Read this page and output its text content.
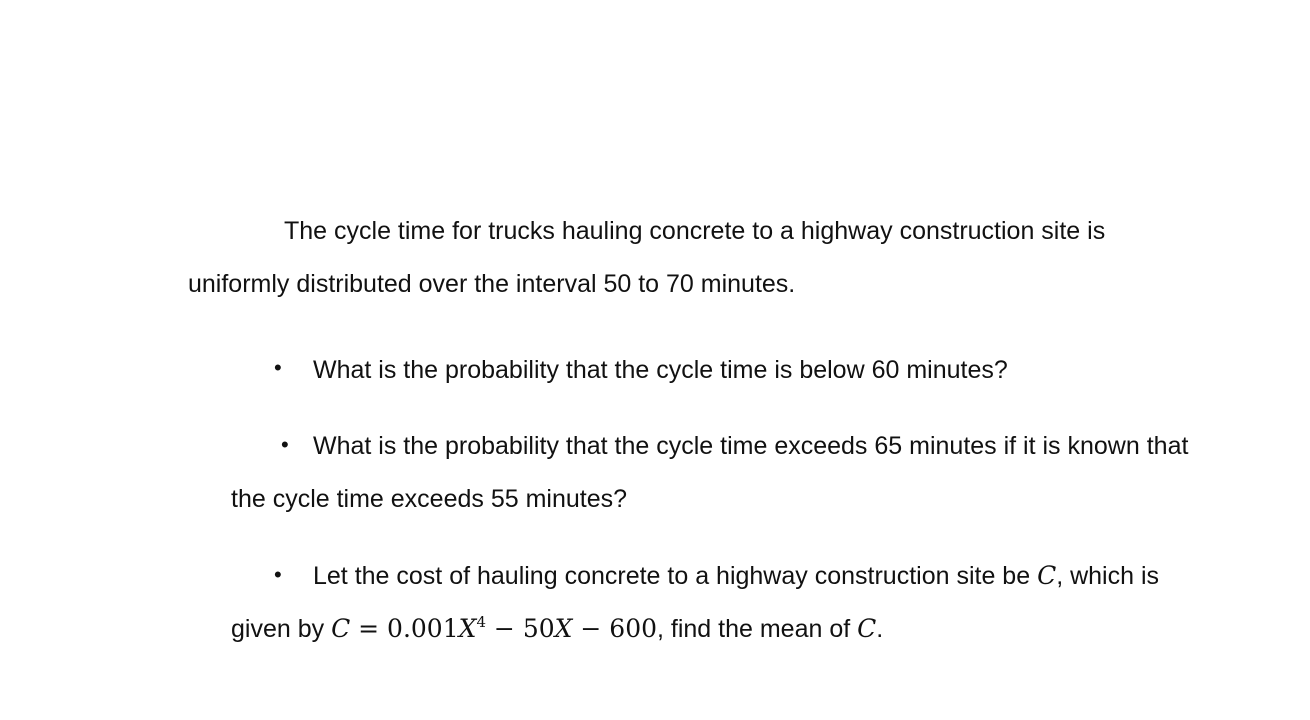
The cycle time for trucks hauling concrete to a highway construction site is
uniformly distributed over the interval 50 to 70 minutes.
• What is the probability that the cycle time is below 60 minutes?
• What is the probability that the cycle time exceeds 65 minutes if it is known that
the cycle time exceeds 55 minutes?
• Let the cost of hauling concrete to a highway construction site be C, which is
given by $C = 0.001X^4 - 50X - 600$, find the mean of C.
